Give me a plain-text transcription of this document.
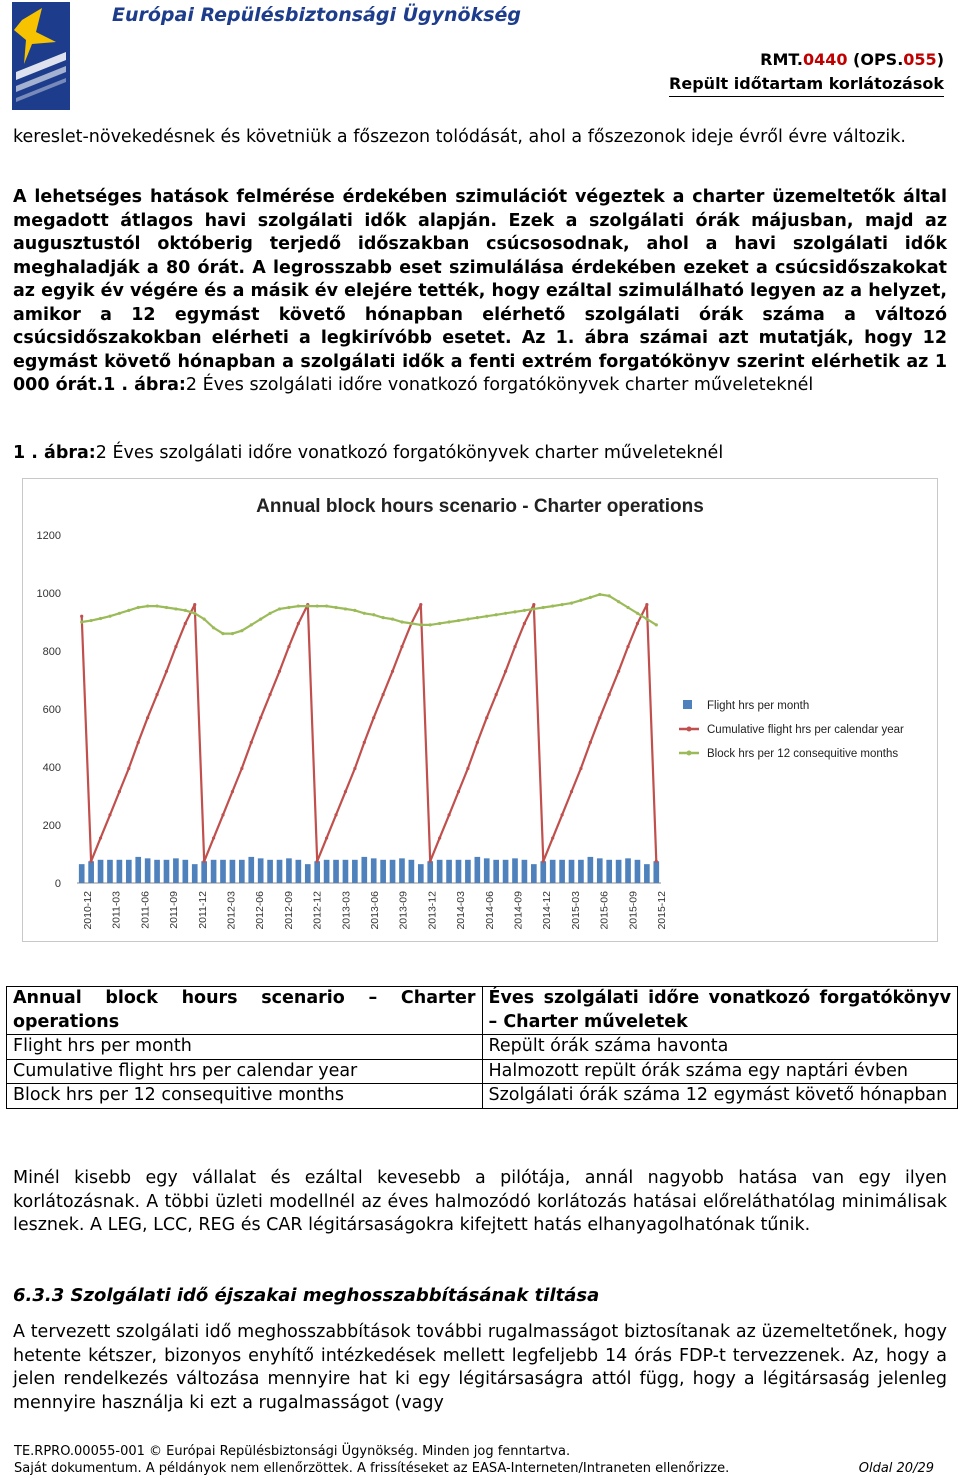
Európai Repülésbiztonsági Ügynökség
RMT.0440 (OPS.055)
Repült időtartam korlátozások
kereslet-növekedésnek és követniük a főszezon tolódását, ahol a főszezonok ideje évről évre változik.
A lehetséges hatások felmérése érdekében szimulációt végeztek a charter üzemeltetők által megadott átlagos havi szolgálati idők alapján. Ezek a szolgálati órák májusban, majd az augusztustól októberig terjedő időszakban csúcsosodnak, ahol a havi szolgálati idők meghaladják a 80 órát. A legrosszabb eset szimulálása érdekében ezeket a csúcsidőszakokat az egyik év végére és a másik év elejére tették, hogy ezáltal szimulálható legyen az a helyzet, amikor a 12 egymást követő hónapban elérhető szolgálati órák száma a változó csúcsidőszakokban elérheti a legkirívóbb esetet. Az 1. ábra számai azt mutatják, hogy 12 egymást követő hónapban a szolgálati idők a fenti extrém forgatókönyv szerint elérhetik az 1 000 órát.1 . ábra:2 Éves szolgálati időre vonatkozó forgatókönyvek charter műveleteknél
1 . ábra:2 Éves szolgálati időre vonatkozó forgatókönyvek charter műveleteknél
Annual block hours scenario - Charter operations
0
200
400
600
800
1000
1200
2010-12 2011-03 2011-06 2011-09 2011-12 2012-03 2012-06 2012-09 2012-12 2013-03 2013-06 2013-09 2013-12 2014-03 2014-06 2014-09 2014-12 2015-03 2015-06 2015-09 2015-12
Flight hrs per month
Cumulative flight hrs per calendar year
Block hrs per 12 consequitive months
Annual block hours scenario – Charter operations	Éves szolgálati időre vonatkozó forgatókönyv – Charter műveletek
Flight hrs per month	Repült órák száma havonta
Cumulative flight hrs per calendar year	Halmozott repült órák száma egy naptári évben
Block hrs per 12 consequitive months	Szolgálati órák száma 12 egymást követő hónapban
Minél kisebb egy vállalat és ezáltal kevesebb a pilótája, annál nagyobb hatása van egy ilyen korlátozásnak. A többi üzleti modellnél az éves halmozódó korlátozás hatásai előreláthatólag minimálisak lesznek. A LEG, LCC, REG és CAR légitársaságokra kifejtett hatás elhanyagolhatónak tűnik.
6.3.3 Szolgálati idő éjszakai meghosszabbításának tiltása
A tervezett szolgálati idő meghosszabbítások további rugalmasságot biztosítanak az üzemeltetőnek, hogy hetente kétszer, bizonyos enyhítő intézkedések mellett legfeljebb 14 órás FDP-t tervezzenek. Az, hogy a jelen rendelkezés változása mennyire hat ki egy légitársaságra attól függ, hogy a légitársaság jelenleg mennyire használja ki ezt a rugalmasságot (vagy
TE.RPRO.00055-001 © Európai Repülésbiztonsági Ügynökség. Minden jog fenntartva.
Saját dokumentum. A példányok nem ellenőrzöttek. A frissítéseket az EASA-Interneten/Intraneten ellenőrizze.	Oldal 20/29
